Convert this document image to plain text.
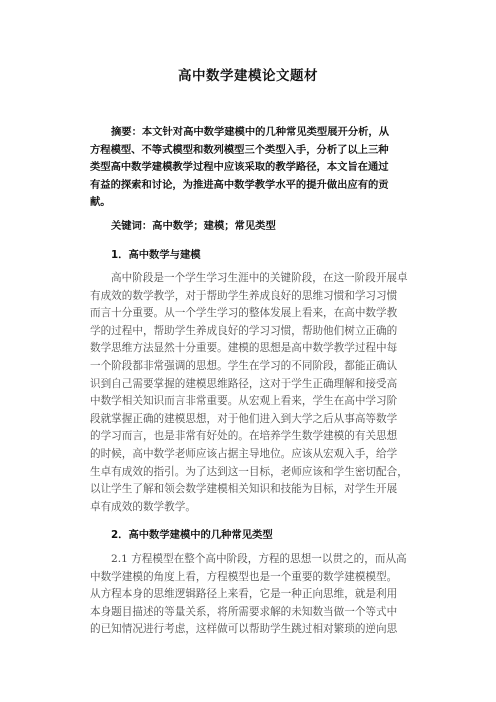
高中数学建模论文题材
摘要：本文针对高中数学建模中的几种常见类型展开分析，从
方程模型、不等式模型和数列模型三个类型入手，分析了以上三种
类型高中数学建模教学过程中应该采取的教学路径，本文旨在通过
有益的探索和讨论，为推进高中数学教学水平的提升做出应有的贡
献。
关键词：高中数学；建模；常见类型
1．高中数学与建模
高中阶段是一个学生学习生涯中的关键阶段，在这一阶段开展卓
有成效的数学教学，对于帮助学生养成良好的思维习惯和学习习惯
而言十分重要。从一个学生学习的整体发展上看来，在高中数学教
学的过程中，帮助学生养成良好的学习习惯，帮助他们树立正确的
数学思维方法显然十分重要。建模的思想是高中数学教学过程中每
一个阶段都非常强调的思想。学生在学习的不同阶段，都能正确认
识到自己需要掌握的建模思维路径，这对于学生正确理解和接受高
中数学相关知识而言非常重要。从宏观上看来，学生在高中学习阶
段就掌握正确的建模思想，对于他们进入到大学之后从事高等数学
的学习而言，也是非常有好处的。在培养学生数学建模的有关思想
的时候，高中数学老师应该占据主导地位。应该从宏观入手，给学
生卓有成效的指引。为了达到这一目标，老师应该和学生密切配合，
以让学生了解和领会数学建模相关知识和技能为目标，对学生开展
卓有成效的数学教学。
2．高中数学建模中的几种常见类型
2.1 方程模型在整个高中阶段，方程的思想一以贯之的，而从高
中数学建模的角度上看，方程模型也是一个重要的数学建模模型。
从方程本身的思维逻辑路径上来看，它是一种正向思维，就是利用
本身题目描述的等量关系，将所需要求解的未知数当做一个等式中
的已知情况进行考虑，这样做可以帮助学生跳过相对繁琐的逆向思
